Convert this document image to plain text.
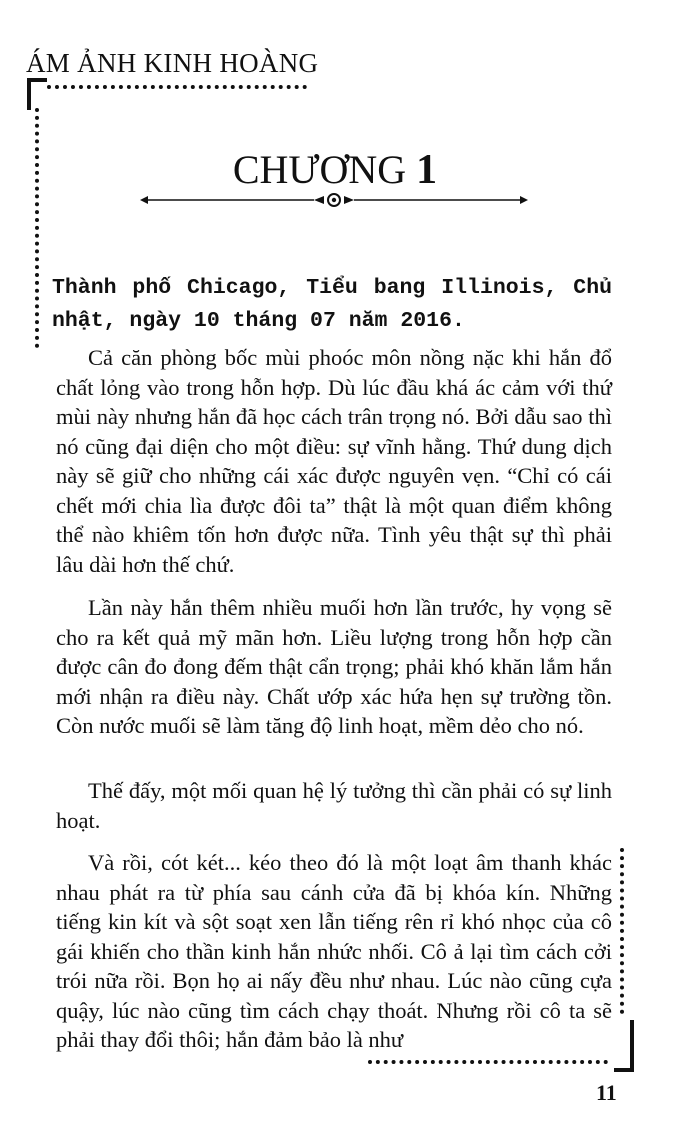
ÁM ẢNH KINH HOÀNG
CHƯƠNG 1
Thành phố Chicago, Tiểu bang Illinois, Chủ nhật, ngày 10 tháng 07 năm 2016.

Cả căn phòng bốc mùi phoóc môn nồng nặc khi hắn đổ chất lỏng vào trong hỗn hợp. Dù lúc đầu khá ác cảm với thứ mùi này nhưng hắn đã học cách trân trọng nó. Bởi dẫu sao thì nó cũng đại diện cho một điều: sự vĩnh hằng. Thứ dung dịch này sẽ giữ cho những cái xác được nguyên vẹn. “Chỉ có cái chết mới chia lìa được đôi ta” thật là một quan điểm không thể nào khiêm tốn hơn được nữa. Tình yêu thật sự thì phải lâu dài hơn thế chứ.

Lần này hắn thêm nhiều muối hơn lần trước, hy vọng sẽ cho ra kết quả mỹ mãn hơn. Liều lượng trong hỗn hợp cần được cân đo đong đếm thật cẩn trọng; phải khó khăn lắm hắn mới nhận ra điều này. Chất ướp xác hứa hẹn sự trường tồn. Còn nước muối sẽ làm tăng độ linh hoạt, mềm dẻo cho nó.

Thế đấy, một mối quan hệ lý tưởng thì cần phải có sự linh hoạt.

Và rồi, cót két... kéo theo đó là một loạt âm thanh khác nhau phát ra từ phía sau cánh cửa đã bị khóa kín. Những tiếng kin kít và sột soạt xen lẫn tiếng rên rỉ khó nhọc của cô gái khiến cho thần kinh hắn nhức nhối. Cô ả lại tìm cách cởi trói nữa rồi. Bọn họ ai nấy đều như nhau. Lúc nào cũng cựa quậy, lúc nào cũng tìm cách chạy thoát. Nhưng rồi cô ta sẽ phải thay đổi thôi; hắn đảm bảo là như

11
